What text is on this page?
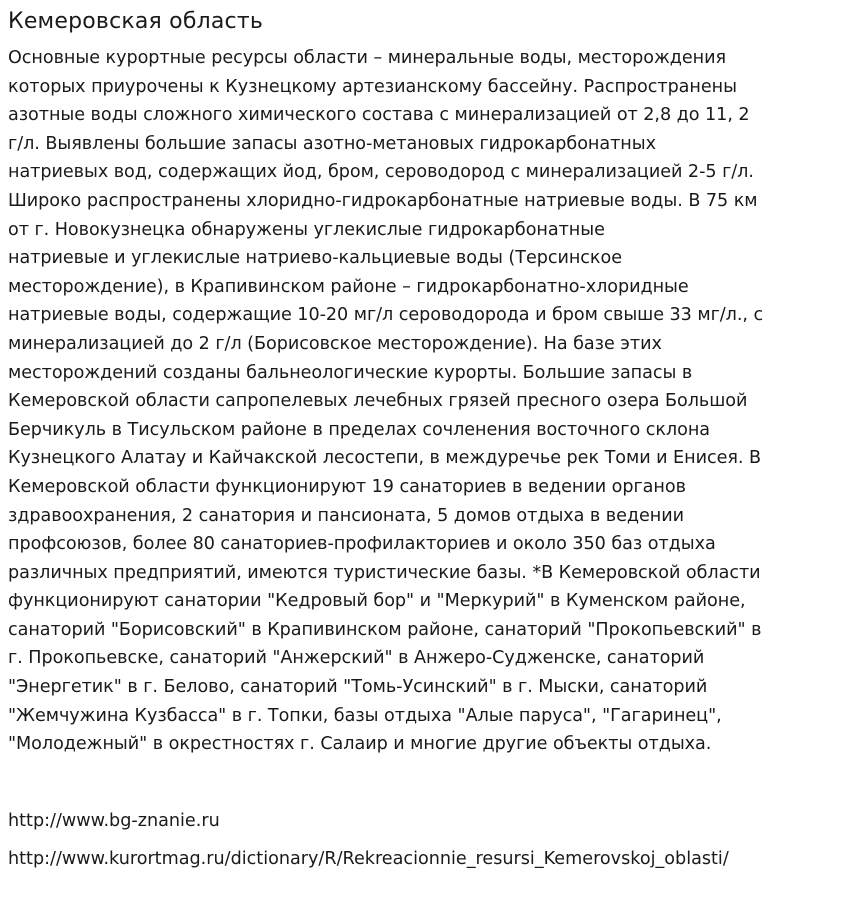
Кемеровская область

Основные курортные ресурсы области – минеральные воды, месторождения
которых приурочены к Кузнецкому артезианскому бассейну. Распространены
азотные воды сложного химического состава с минерализацией от 2,8 до 11, 2
г/л. Выявлены большие запасы азотно-метановых гидрокарбонатных
натриевых вод, содержащих йод, бром, сероводород с минерализацией 2-5 г/л.
Широко распространены хлоридно-гидрокарбонатные натриевые воды. В 75 км
от г. Новокузнецка обнаружены углекислые гидрокарбонатные
натриевые и углекислые натриево-кальциевые воды (Терсинское
месторождение), в Крапивинском районе – гидрокарбонатно-хлоридные
натриевые воды, содержащие 10-20 мг/л сероводорода и бром свыше 33 мг/л., с
минерализацией до 2 г/л (Борисовское месторождение). На базе этих
месторождений созданы бальнеологические курорты. Большие запасы в
Кемеровской области сапропелевых лечебных грязей пресного озера Большой
Берчикуль в Тисульском районе в пределах сочленения восточного склона
Кузнецкого Алатау и Кайчакской лесостепи, в междуречье рек Томи и Енисея. В
Кемеровской области функционируют 19 санаториев в ведении органов
здравоохранения, 2 санатория и пансионата, 5 домов отдыха в ведении
профсоюзов, более 80 санаториев-профилакториев и около 350 баз отдыха
различных предприятий, имеются туристические базы. *В Кемеровской области
функционируют санатории "Кедровый бор" и "Меркурий" в Куменском районе,
санаторий "Борисовский" в Крапивинском районе, санаторий "Прокопьевский" в
г. Прокопьевске, санаторий "Анжерский" в Анжеро-Судженске, санаторий
"Энергетик" в г. Белово, санаторий "Томь-Усинский" в г. Мыски, санаторий
"Жемчужина Кузбасса" в г. Топки, базы отдыха "Алые паруса", "Гагаринец",
"Молодежный" в окрестностях г. Салаир и многие другие объекты отдыха.

http://www.bg-znanie.ru
http://www.kurortmag.ru/dictionary/R/Rekreacionnie_resursi_Kemerovskoj_oblasti/
